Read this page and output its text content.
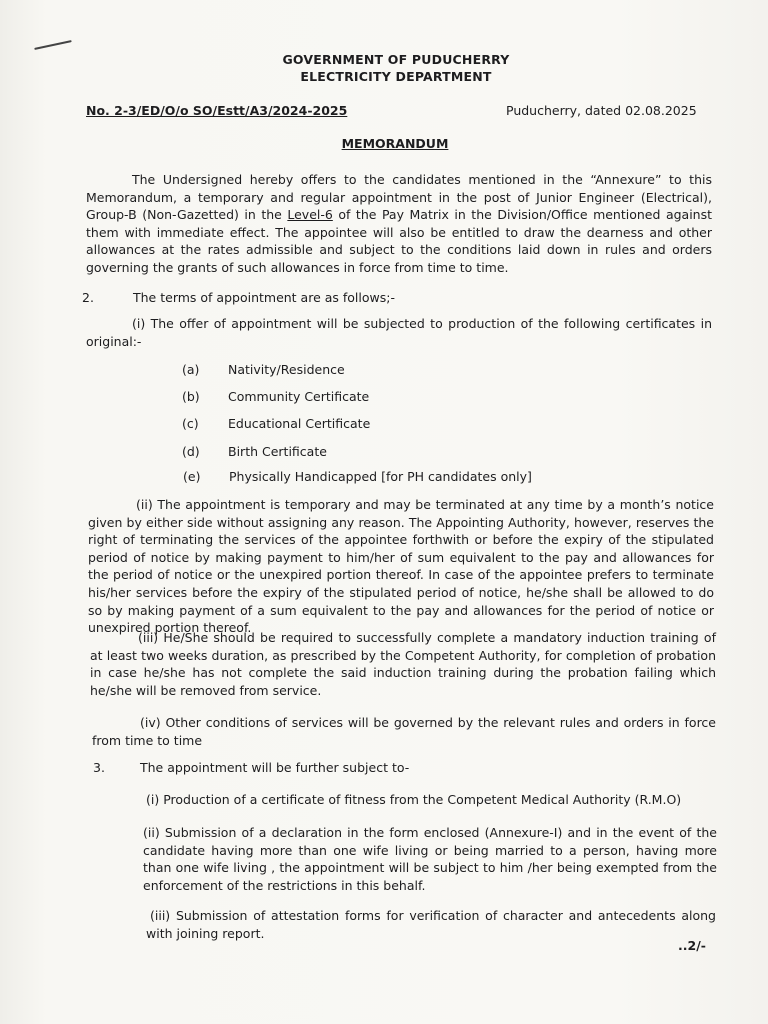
GOVERNMENT OF PUDUCHERRY
ELECTRICITY DEPARTMENT
No. 2-3/ED/O/o SO/Estt/A3/2024-2025	Puducherry, dated 02.08.2025
MEMORANDUM

The Undersigned hereby offers to the candidates mentioned in the “Annexure” to this Memorandum, a temporary and regular appointment in the post of Junior Engineer (Electrical), Group-B (Non-Gazetted) in the Level-6 of the Pay Matrix in the Division/Office mentioned against them with immediate effect. The appointee will also be entitled to draw the dearness and other allowances at the rates admissible and subject to the conditions laid down in rules and orders governing the grants of such allowances in force from time to time.

2.	The terms of appointment are as follows;-

(i) The offer of appointment will be subjected to production of the following certificates in original:-

(a) Nativity/Residence
(b) Community Certificate
(c) Educational Certificate
(d) Birth Certificate
(e) Physically Handicapped [for PH candidates only]

(ii) The appointment is temporary and may be terminated at any time by a month’s notice given by either side without assigning any reason. The Appointing Authority, however, reserves the right of terminating the services of the appointee forthwith or before the expiry of the stipulated period of notice by making payment to him/her of sum equivalent to the pay and allowances for the period of notice or the unexpired portion thereof. In case of the appointee prefers to terminate his/her services before the expiry of the stipulated period of notice, he/she shall be allowed to do so by making payment of a sum equivalent to the pay and allowances for the period of notice or unexpired portion thereof.

(iii) He/She should be required to successfully complete a mandatory induction training of at least two weeks duration, as prescribed by the Competent Authority, for completion of probation in case he/she has not complete the said induction training during the probation failing which he/she will be removed from service.

(iv) Other conditions of services will be governed by the relevant rules and orders in force from time to time

3.	The appointment will be further subject to-

(i) Production of a certificate of fitness from the Competent Medical Authority (R.M.O)

(ii) Submission of a declaration in the form enclosed (Annexure-I) and in the event of the candidate having more than one wife living or being married to a person, having more than one wife living , the appointment will be subject to him /her being exempted from the enforcement of the restrictions in this behalf.

(iii) Submission of attestation forms for verification of character and antecedents along with joining report.

..2/-
